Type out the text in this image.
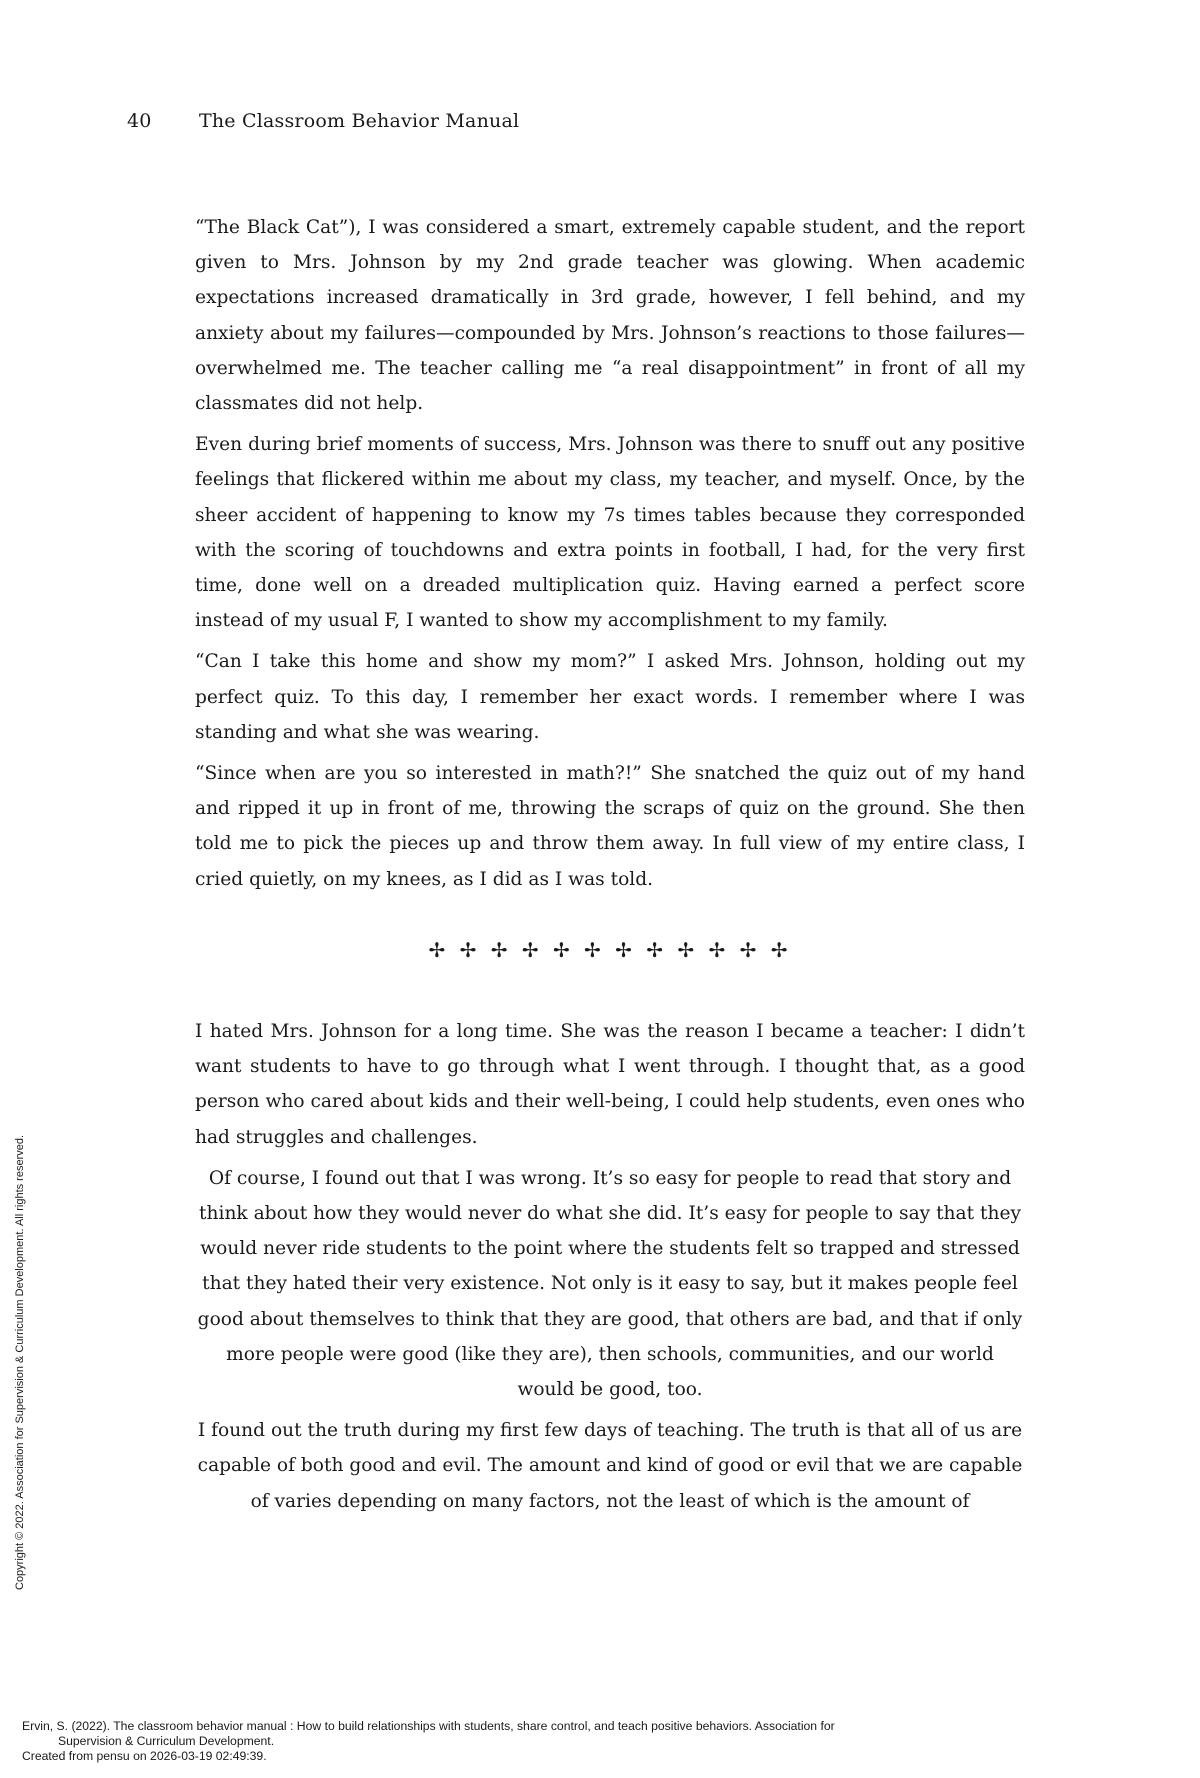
40 The Classroom Behavior Manual

“The Black Cat”), I was considered a smart, extremely capable student, and the report given to Mrs. Johnson by my 2nd grade teacher was glowing. When academic expectations increased dramatically in 3rd grade, however, I fell behind, and my anxiety about my failures—compounded by Mrs. Johnson’s reactions to those failures—overwhelmed me. The teacher calling me “a real disappointment” in front of all my classmates did not help.

Even during brief moments of success, Mrs. Johnson was there to snuff out any positive feelings that flickered within me about my class, my teacher, and myself. Once, by the sheer accident of happening to know my 7s times tables because they corresponded with the scoring of touchdowns and extra points in football, I had, for the very first time, done well on a dreaded multiplication quiz. Having earned a perfect score instead of my usual F, I wanted to show my accomplishment to my family.

“Can I take this home and show my mom?” I asked Mrs. Johnson, holding out my perfect quiz. To this day, I remember her exact words. I remember where I was standing and what she was wearing.

“Since when are you so interested in math?!” She snatched the quiz out of my hand and ripped it up in front of me, throwing the scraps of quiz on the ground. She then told me to pick the pieces up and throw them away. In full view of my entire class, I cried quietly, on my knees, as I did as I was told.

✢ ✢ ✢ ✢ ✢ ✢ ✢ ✢ ✢ ✢ ✢ ✢

I hated Mrs. Johnson for a long time. She was the reason I became a teacher: I didn’t want students to have to go through what I went through. I thought that, as a good person who cared about kids and their well-being, I could help students, even ones who had struggles and challenges.

Of course, I found out that I was wrong. It’s so easy for people to read that story and think about how they would never do what she did. It’s easy for people to say that they would never ride students to the point where the students felt so trapped and stressed that they hated their very existence. Not only is it easy to say, but it makes people feel good about themselves to think that they are good, that others are bad, and that if only more people were good (like they are), then schools, communities, and our world would be good, too.

I found out the truth during my first few days of teaching. The truth is that all of us are capable of both good and evil. The amount and kind of good or evil that we are capable of varies depending on many factors, not the least of which is the amount of

Copyright © 2022. Association for Supervision & Curriculum Development. All rights reserved.
Ervin, S. (2022). The classroom behavior manual : How to build relationships with students, share control, and teach positive behaviors. Association for
Supervision & Curriculum Development.
Created from pensu on 2026-03-19 02:49:39.
